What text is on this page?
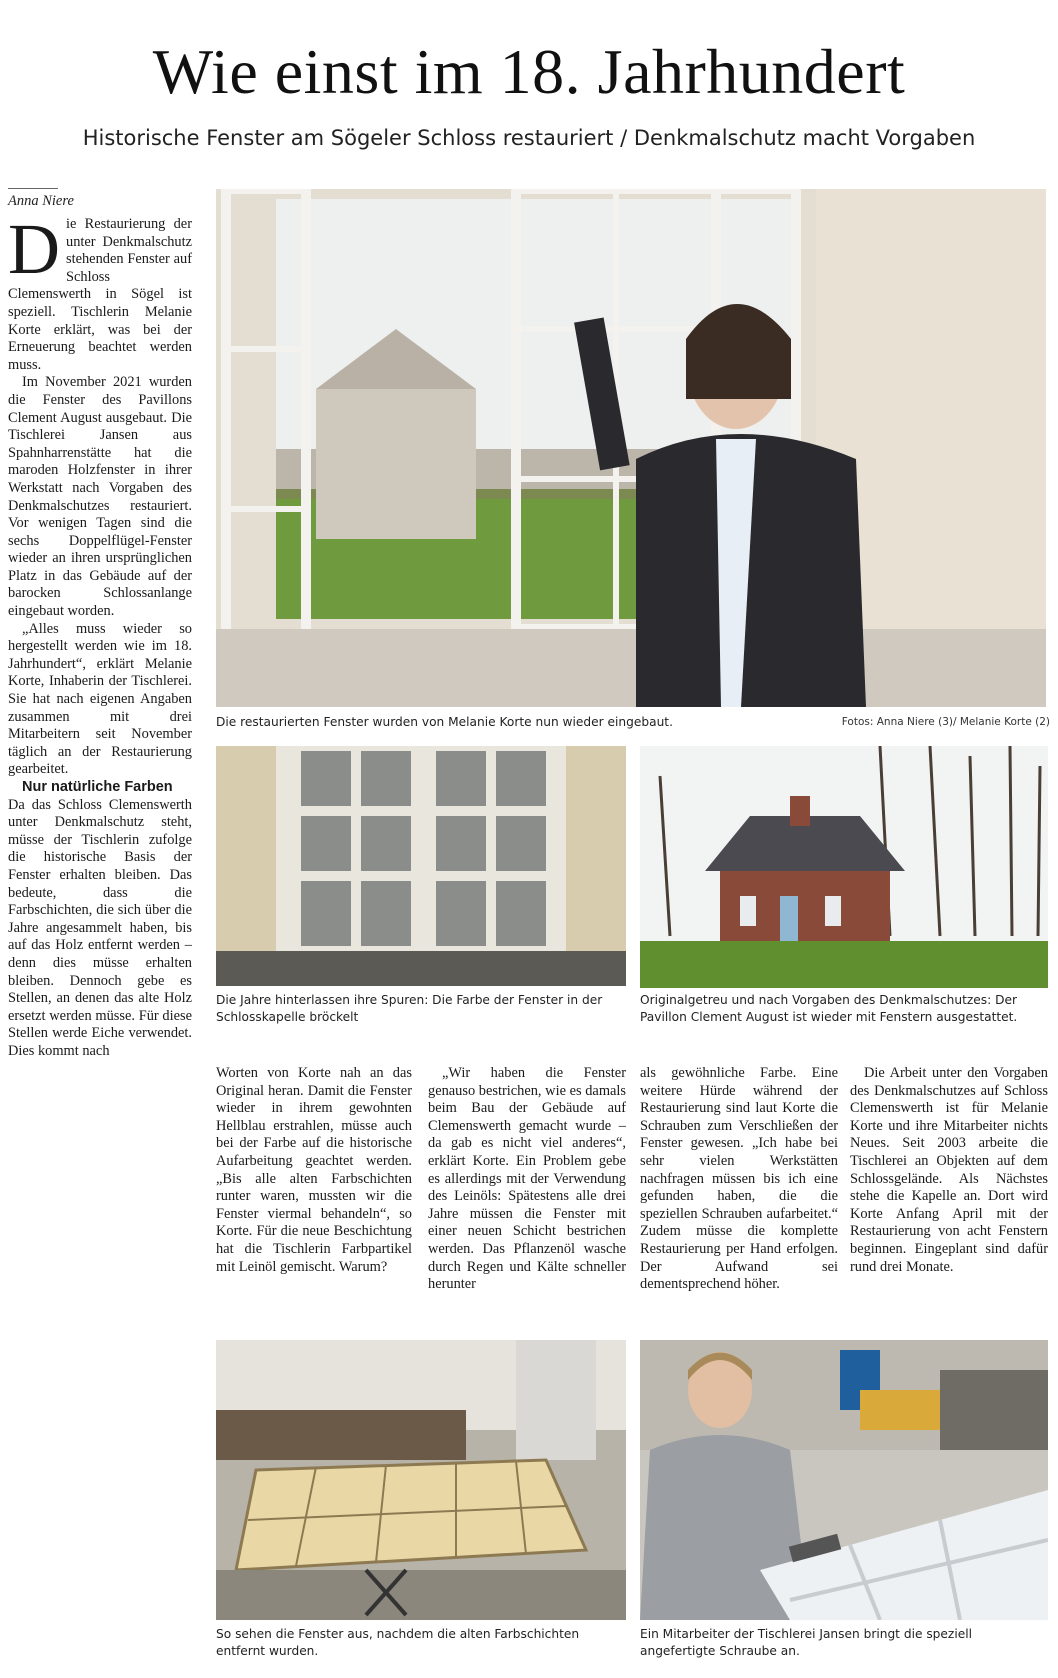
Wie einst im 18. Jahrhundert
Historische Fenster am Sögeler Schloss restauriert / Denkmalschutz macht Vorgaben
Anna Niere

Die Restaurierung der unter Denkmalschutz stehenden Fenster auf Schloss Clemenswerth in Sögel ist speziell. Tischlerin Melanie Korte erklärt, was bei der Erneuerung beachtet werden muss.

Im November 2021 wurden die Fenster des Pavillons Clement August ausgebaut. Die Tischlerei Jansen aus Spahnharrenstätte hat die maroden Holzfenster in ihrer Werkstatt nach Vorgaben des Denkmalschutzes restauriert. Vor wenigen Tagen sind die sechs Doppelflügel-Fenster wieder an ihren ursprünglichen Platz in das Gebäude auf der barocken Schlossanlange eingebaut worden.

„Alles muss wieder so hergestellt werden wie im 18. Jahrhundert“, erklärt Melanie Korte, Inhaberin der Tischlerei. Sie hat nach eigenen Angaben zusammen mit drei Mitarbeitern seit November täglich an der Restaurierung gearbeitet.

Nur natürliche Farben

Da das Schloss Clemenswerth unter Denkmalschutz steht, müsse der Tischlerin zufolge die historische Basis der Fenster erhalten bleiben. Das bedeute, dass die Farbschichten, die sich über die Jahre angesammelt haben, bis auf das Holz entfernt werden – denn dies müsse erhalten bleiben. Dennoch gebe es Stellen, an denen das alte Holz ersetzt werden müsse. Für diese Stellen werde Eiche verwendet. Dies kommt nach

Die restaurierten Fenster wurden von Melanie Korte nun wieder eingebaut.	Fotos: Anna Niere (3)/ Melanie Korte (2)
Die Jahre hinterlassen ihre Spuren: Die Farbe der Fenster in der Schlosskapelle bröckelt
Originalgetreu und nach Vorgaben des Denkmalschutzes: Der Pavillon Clement August ist wieder mit Fenstern ausgestattet.

Worten von Korte nah an das Original heran. Damit die Fenster wieder in ihrem gewohnten Hellblau erstrahlen, müsse auch bei der Farbe auf die historische Aufarbeitung geachtet werden. „Bis alle alten Farbschichten runter waren, mussten wir die Fenster viermal behandeln“, so Korte. Für die neue Beschichtung hat die Tischlerin Farbpartikel mit Leinöl gemischt. Warum?

„Wir haben die Fenster genauso bestrichen, wie es damals beim Bau der Gebäude auf Clemenswerth gemacht wurde – da gab es nicht viel anderes“, erklärt Korte. Ein Problem gebe es allerdings mit der Verwendung des Leinöls: Spätestens alle drei Jahre müssen die Fenster mit einer neuen Schicht bestrichen werden. Das Pflanzenöl wasche durch Regen und Kälte schneller herunter

als gewöhnliche Farbe. Eine weitere Hürde während der Restaurierung sind laut Korte die Schrauben zum Verschließen der Fenster gewesen. „Ich habe bei sehr vielen Werkstätten nachfragen müssen bis ich eine gefunden haben, die die speziellen Schrauben aufarbeitet.“ Zudem müsse die komplette Restaurierung per Hand erfolgen. Der Aufwand sei dementsprechend höher.

Die Arbeit unter den Vorgaben des Denkmalschutzes auf Schloss Clemenswerth ist für Melanie Korte und ihre Mitarbeiter nichts Neues. Seit 2003 arbeite die Tischlerei an Objekten auf dem Schlossgelände. Als Nächstes stehe die Kapelle an. Dort wird Korte Anfang April mit der Restaurierung von acht Fenstern beginnen. Eingeplant sind dafür rund drei Monate.

So sehen die Fenster aus, nachdem die alten Farbschichten entfernt wurden.
Ein Mitarbeiter der Tischlerei Jansen bringt die speziell angefertigte Schraube an.
